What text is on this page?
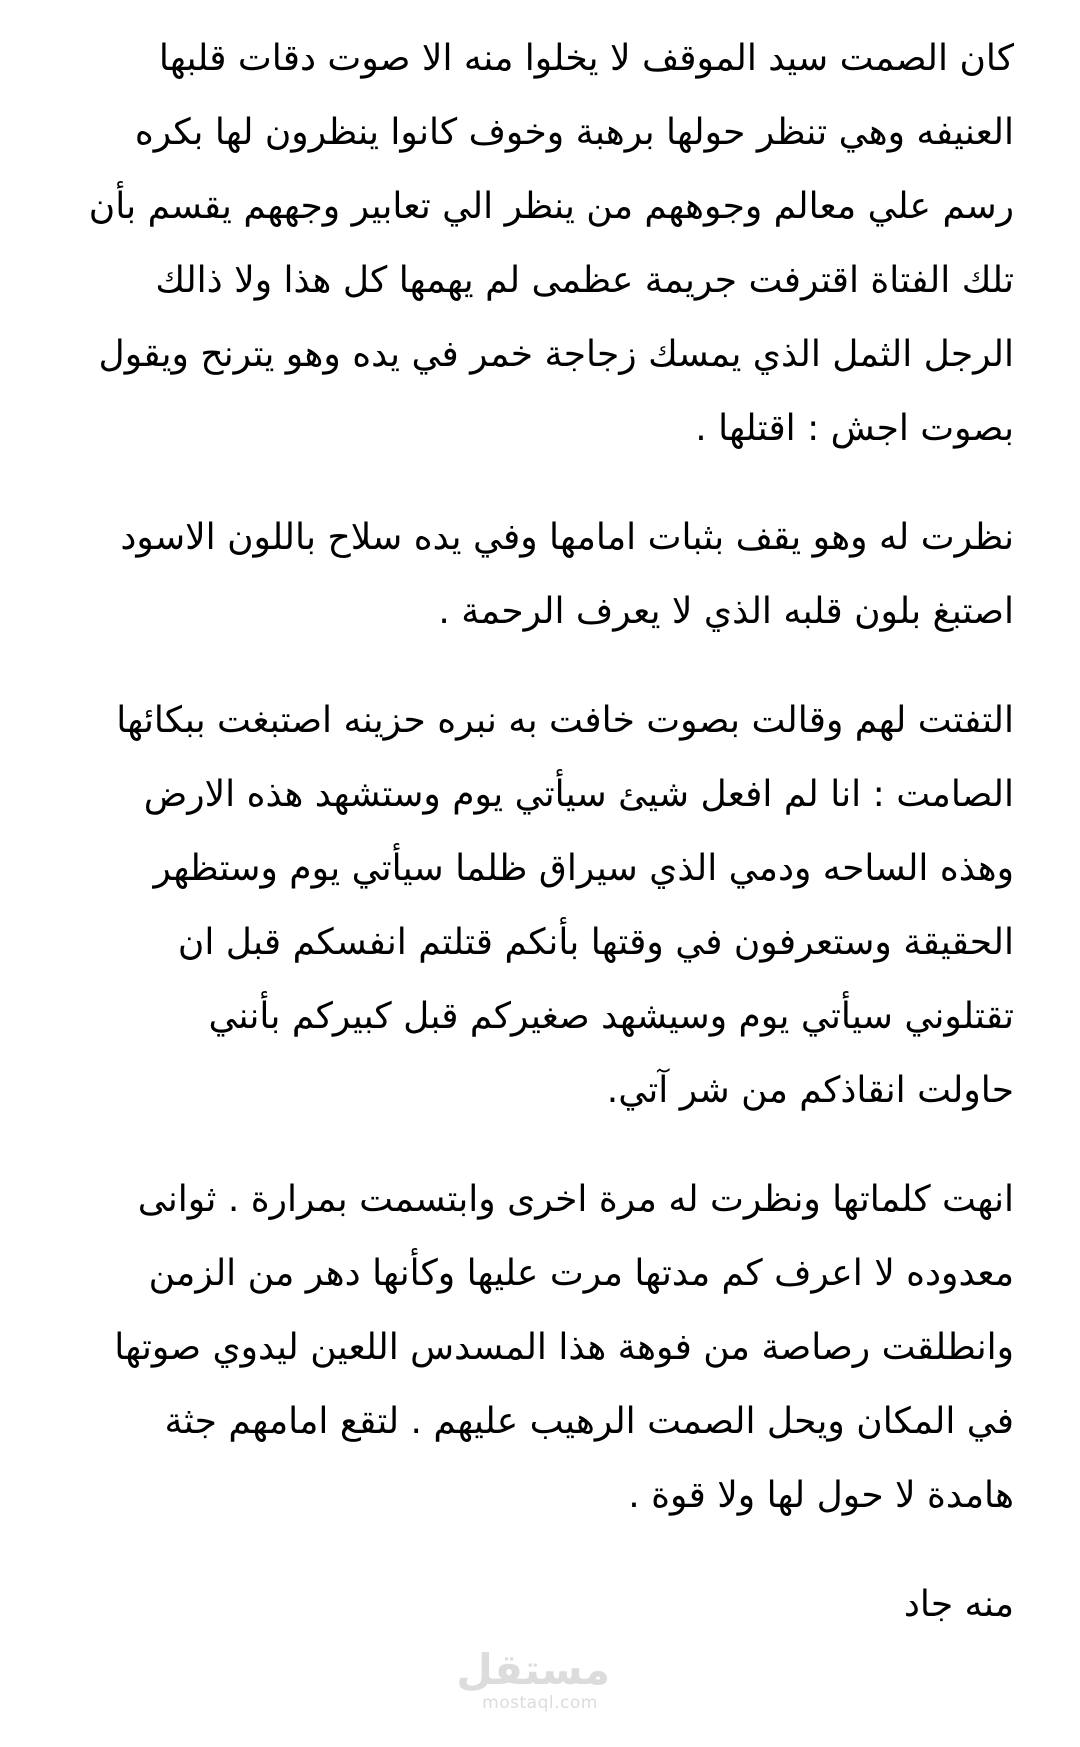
كان الصمت سيد الموقف لا يخلوا منه الا صوت دقات قلبها
العنيفه وهي تنظر حولها برهبة وخوف كانوا ينظرون لها بكره
رسم علي معالم وجوههم من ينظر الي تعابير وجههم يقسم بأن
تلك الفتاة اقترفت جريمة عظمى لم يهمها كل هذا ولا ذالك
الرجل الثمل الذي يمسك زجاجة خمر في يده وهو يترنح ويقول
بصوت اجش : اقتلها .
نظرت له وهو يقف بثبات امامها وفي يده سلاح باللون الاسود
اصتبغ بلون قلبه الذي لا يعرف الرحمة .
التفتت لهم وقالت بصوت خافت به نبره حزينه اصتبغت ببكائها
الصامت : انا لم افعل شيئ سيأتي يوم وستشهد هذه الارض
وهذه الساحه ودمي الذي سيراق ظلما سيأتي يوم وستظهر
الحقيقة وستعرفون في وقتها بأنكم قتلتم انفسكم قبل ان
تقتلوني سيأتي يوم وسيشهد صغيركم قبل كبيركم بأنني
حاولت انقاذكم من شر آتي.
انهت كلماتها ونظرت له مرة اخرى وابتسمت بمرارة . ثوانى
معدوده لا اعرف كم مدتها مرت عليها وكأنها دهر من الزمن
وانطلقت رصاصة من فوهة هذا المسدس اللعين ليدوي صوتها
في المكان ويحل الصمت الرهيب عليهم . لتقع امامهم جثة
هامدة لا حول لها ولا قوة .
منه جاد
مستقل
mostaql.com
